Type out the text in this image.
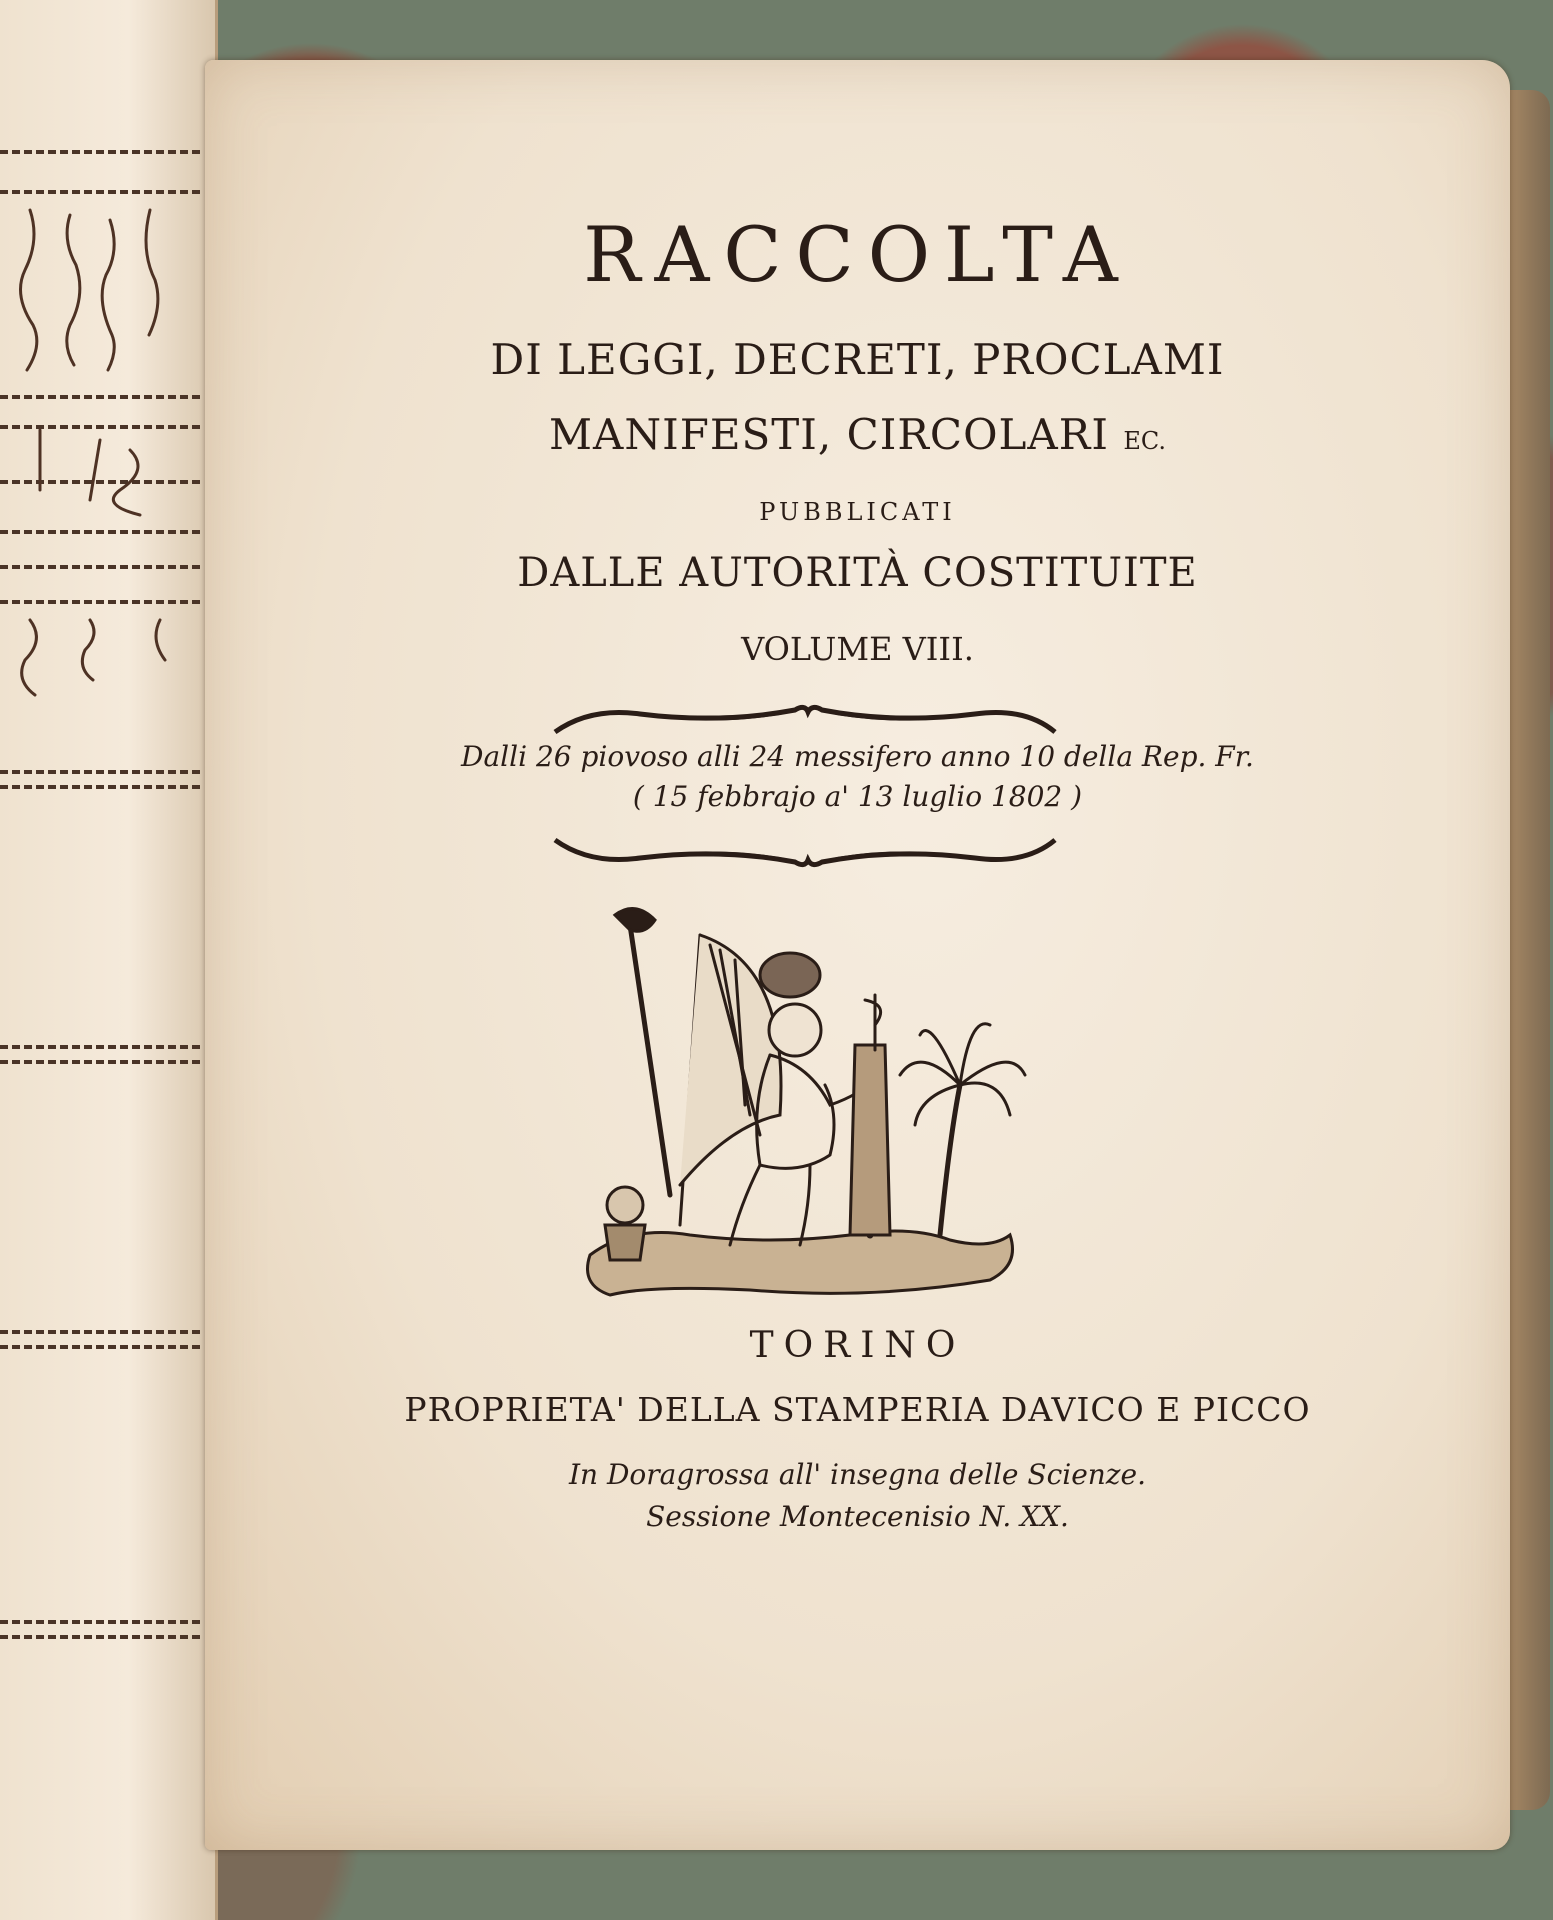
RACCOLTA
DI LEGGI, DECRETI, PROCLAMI
MANIFESTI, CIRCOLARI EC.
PUBBLICATI
DALLE AUTORITÀ COSTITUITE
VOLUME VIII.
Dalli 26 piovoso alli 24 messifero anno 10 della Rep. Fr.
( 15 febbrajo a' 13 luglio 1802 )
TORINO
PROPRIETA' DELLA STAMPERIA DAVICO E PICCO
In Doragrossa all' insegna delle Scienze.
Sessione Montecenisio N. XX.
